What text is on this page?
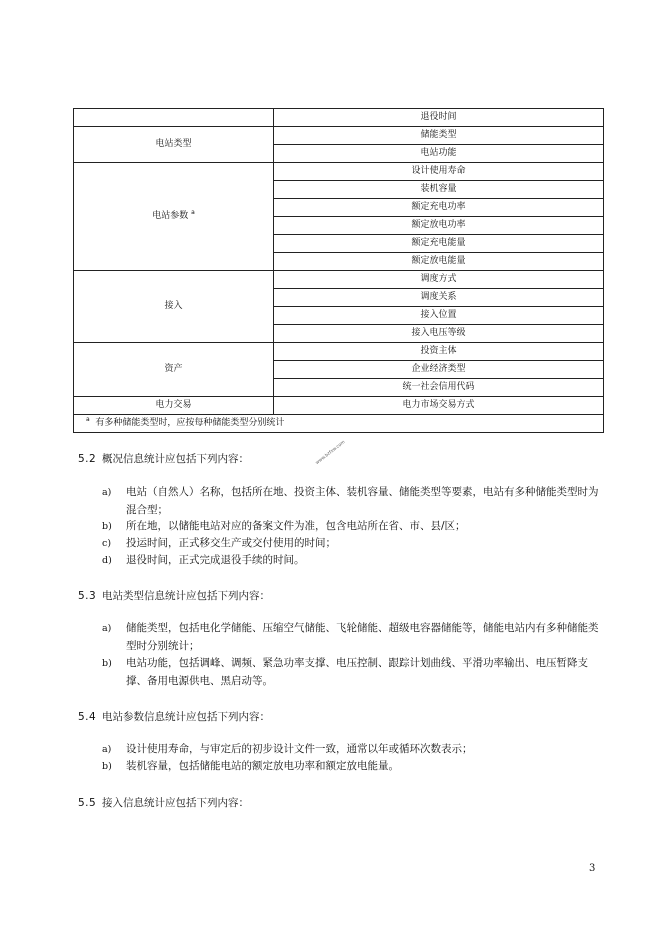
	退役时间
电站类型	储能类型
	电站功能
电站参数 $^a$	设计使用寿命
	装机容量
	额定充电功率
	额定放电功率
	额定充电能量
	额定放电能量
接入	调度方式
	调度关系
	接入位置
	接入电压等级
资产	投资主体
	企业经济类型
	统一社会信用代码
电力交易	电力市场交易方式
$^a$ 有多种储能类型时，应按每种储能类型分别统计	
5.2 概况信息统计应包括下列内容：
a) 电站（自然人）名称，包括所在地、投资主体、装机容量、储能类型等要素，电站有多种储能类型时为混合型；
b) 所在地，以储能电站对应的备案文件为准，包含电站所在省、市、县/区；
c) 投运时间，正式移交生产或交付使用的时间；
d) 退役时间，正式完成退役手续的时间。
5.3 电站类型信息统计应包括下列内容：
a) 储能类型，包括电化学储能、压缩空气储能、飞轮储能、超级电容器储能等，储能电站内有多种储能类型时分别统计；
b) 电站功能，包括调峰、调频、紧急功率支撑、电压控制、跟踪计划曲线、平滑功率输出、电压暂降支撑、备用电源供电、黑启动等。
5.4 电站参数信息统计应包括下列内容：
a) 设计使用寿命，与审定后的初步设计文件一致，通常以年或循环次数表示；
b) 装机容量，包括储能电站的额定放电功率和额定放电能量。
5.5 接入信息统计应包括下列内容：
www.bzfxw.com
3
